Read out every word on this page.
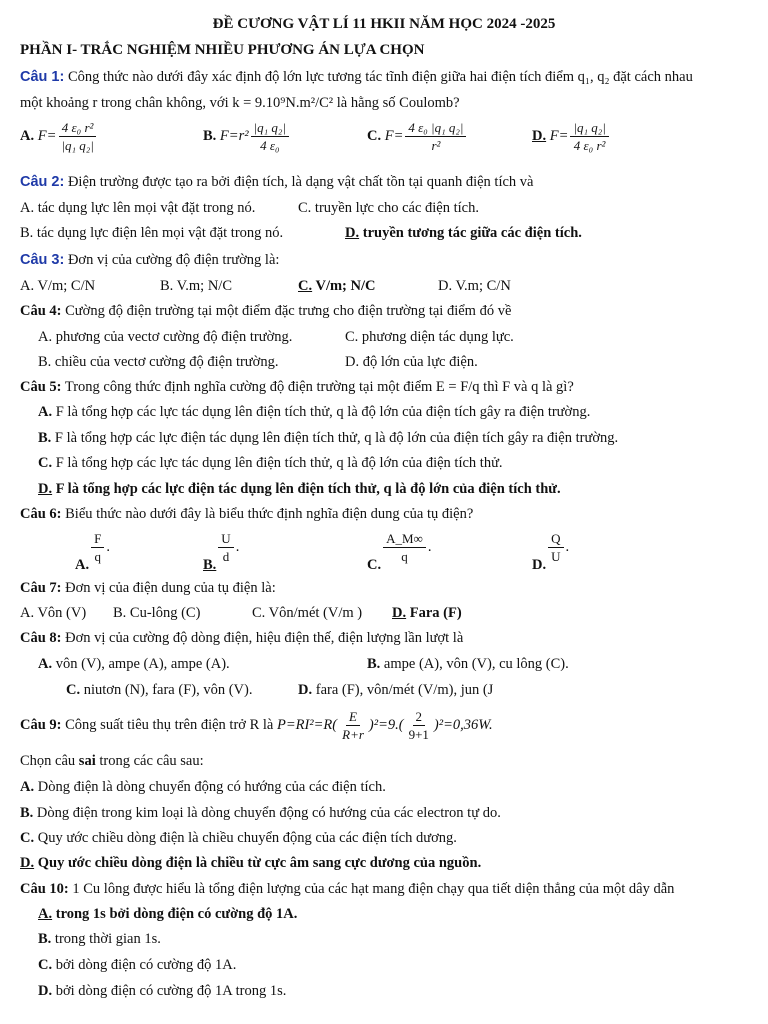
ĐỀ CƯƠNG VẬT LÍ 11 HKII NĂM HỌC 2024 -2025
PHẦN I- TRẮC NGHIỆM NHIỀU PHƯƠNG ÁN LỰA CHỌN
Câu 1: Công thức nào dưới đây xác định độ lớn lực tương tác tĩnh điện giữa hai điện tích điểm q₁, q₂ đặt cách nhau
một khoảng r trong chân không, với k = 9.10⁹N.m²/C² là hằng số Coulomb?
A. $F= \frac{\text{4 ε₀ r²}}{\text{|q₁ q₂|}}$	B. $F=r^2 \frac{\text{|q₁ q₂|}}{\text{4 ε₀}}$	C. $F= \frac{\text{4 ε₀ |q₁ q₂|}}{\text{r²}}$	D. $F= \frac{\text{|q₁ q₂|}}{\text{4 ε₀ r²}}$
Câu 2: Điện trường được tạo ra bởi điện tích, là dạng vật chất tồn tại quanh điện tích và
A. tác dụng lực lên mọi vật đặt trong nó.	C. truyền lực cho các điện tích.
B. tác dụng lực điện lên mọi vật đặt trong nó.	D. truyền tương tác giữa các điện tích.
Câu 3: Đơn vị của cường độ điện trường là:
A. V/m; C/N	B. V.m; N/C	C. V/m; N/C	D. V.m; C/N
Câu 4: Cường độ điện trường tại một điểm đặc trưng cho điện trường tại điểm đó về
A. phương của vectơ cường độ điện trường.	C. phương diện tác dụng lực.
B. chiều của vectơ cường độ điện trường.	D. độ lớn của lực điện.
Câu 5: Trong công thức định nghĩa cường độ điện trường tại một điểm E = F/q thì F và q là gì?
A. F là tổng hợp các lực tác dụng lên điện tích thử, q là độ lớn của điện tích gây ra điện trường.
B. F là tổng hợp các lực điện tác dụng lên điện tích thử, q là độ lớn của điện tích gây ra điện trường.
C. F là tổng hợp các lực tác dụng lên điện tích thử, q là độ lớn của điện tích thử.
D. F là tổng hợp các lực điện tác dụng lên điện tích thử, q là độ lớn của điện tích thử.
Câu 6: Biểu thức nào dưới đây là biểu thức định nghĩa điện dung của tụ điện?
A. $\frac{F}{q}$ .
B. $\frac{U}{d}$ .
C. $\frac{A\_M\infty}{q}$ .
D. $\frac{Q}{U}$ .
Câu 7: Đơn vị của điện dung của tụ điện là:
A. Vôn (V) B. Cu-lông (C)	C. Vôn/mét (V/m ) D. Fara (F)
Câu 8: Đơn vị của cường độ dòng điện, hiệu điện thế, điện lượng lần lượt là
A. vôn (V), ampe (A), ampe (A).	B. ampe (A), vôn (V), cu lông (C).
C. niutơn (N), fara (F), vôn (V).	D. fara (F), vôn/mét (V/m), jun (J
Câu 9: Công suất tiêu thụ trên điện trở R là $P=RI^2=R( \frac{E}{R+r} )^2=9.( \frac{2}{9+1} )^2=0,36W$.
Chọn câu sai trong các câu sau:
A. Dòng điện là dòng chuyển động có hướng của các điện tích.
B. Dòng điện trong kim loại là dòng chuyển động có hướng của các electron tự do.
C. Quy ước chiều dòng điện là chiều chuyển động của các điện tích dương.
D. Quy ước chiều dòng điện là chiều từ cực âm sang cực dương của nguồn.
Câu 10: 1 Cu lông được hiểu là tổng điện lượng của các hạt mang điện chạy qua tiết diện thẳng của một dây dẫn
A. trong 1s bởi dòng điện có cường độ 1A.
B. trong thời gian 1s.
C. bởi dòng điện có cường độ 1A.
D. bởi dòng điện có cường độ 1A trong 1s.
